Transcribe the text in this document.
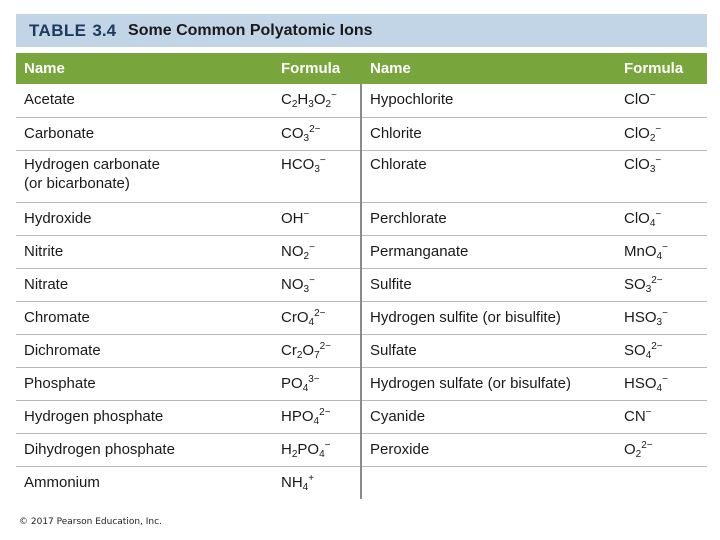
TABLE 3.4 Some Common Polyatomic Ions
Name	Formula	Name	Formula
Acetate	$C_2H_3O_2^-$	Hypochlorite	ClO−
Carbonate	$CO_3^{2-}$	Chlorite	ClO$_2$−

Hydrogen carbonate
(or bicarbonate)	$HCO_3^-$	Chlorate	ClO$_3$−
Hydroxide	OH−	Perchlorate	ClO$_4$−
Nitrite	$NO_2^-$	Permanganate	MnO$_4$−
Nitrate	$NO_3^-$	Sulfite	$SO_3^{2-}$
Chromate	CrO$_4^{2-}$	Hydrogen sulfite (or bisulfite)	$HSO_3^-$
Dichromate	$Cr_2O_7^{2-}$	Sulfate	$SO_4^{2-}$
Phosphate	$PO_4^{3-}$	Hydrogen sulfate (or bisulfate)	$HSO_4^-$
Hydrogen phosphate	$HPO_4^{2-}$	Cyanide	CN−
Dihydrogen phosphate	$H_2PO_4^-$	Peroxide	$O_2^{2-}$
Ammonium	$NH_4^+$		
© 2017 Pearson Education, Inc.
